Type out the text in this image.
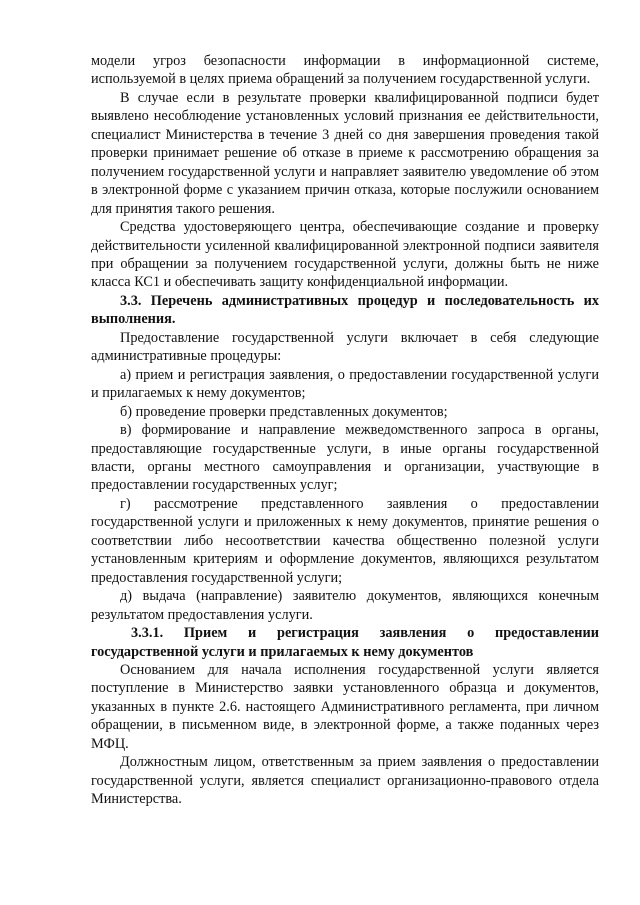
модели угроз безопасности информации в информационной системе, используемой в целях приема обращений за получением государственной услуги.

В случае если в результате проверки квалифицированной подписи будет выявлено несоблюдение установленных условий признания ее действительности, специалист Министерства в течение 3 дней со дня завершения проведения такой проверки принимает решение об отказе в приеме к рассмотрению обращения за получением государственной услуги и направляет заявителю уведомление об этом в электронной форме с указанием причин отказа, которые послужили основанием для принятия такого решения.

Средства удостоверяющего центра, обеспечивающие создание и проверку действительности усиленной квалифицированной электронной подписи заявителя при обращении за получением государственной услуги, должны быть не ниже класса КС1 и обеспечивать защиту конфиденциальной информации.

3.3. Перечень административных процедур и последовательность их выполнения.

Предоставление государственной услуги включает в себя следующие административные процедуры:

а) прием и регистрация заявления, о предоставлении государственной услуги и прилагаемых к нему документов;

б) проведение проверки представленных документов;

в) формирование и направление межведомственного запроса в органы, предоставляющие государственные услуги, в иные органы государственной власти, органы местного самоуправления и организации, участвующие в предоставлении государственных услуг;

г) рассмотрение представленного заявления о предоставлении государственной услуги и приложенных к нему документов, принятие решения о соответствии либо несоответствии качества общественно полезной услуги установленным критериям и оформление документов, являющихся результатом предоставления государственной услуги;

д) выдача (направление) заявителю документов, являющихся конечным результатом предоставления услуги.

3.3.1. Прием и регистрация заявления о предоставлении государственной услуги и прилагаемых к нему документов

Основанием для начала исполнения государственной услуги является поступление в Министерство заявки установленного образца и документов, указанных в пункте 2.6. настоящего Административного регламента, при личном обращении, в письменном виде, в электронной форме, а также поданных через МФЦ.

Должностным лицом, ответственным за прием заявления о предоставлении государственной услуги, является специалист организационно-правового отдела Министерства.
